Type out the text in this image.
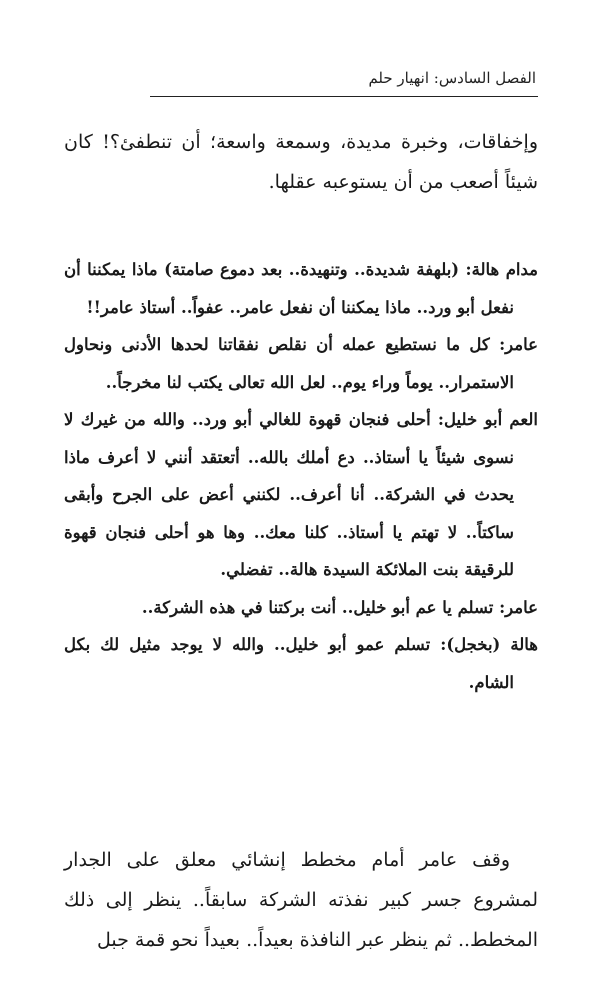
الفصل السادس: انهيار حلم

وإخفاقات، وخبرة مديدة، وسمعة واسعة؛ أن تنطفئ؟! كان شيئاً أصعب من أن يستوعبه عقلها.

مدام هالة: (بلهفة شديدة.. وتنهيدة.. بعد دموع صامتة) ماذا يمكننا أن نفعل أبو ورد.. ماذا يمكننا أن نفعل عامر.. عفواً.. أستاذ عامر!!

عامر: كل ما نستطيع عمله أن نقلص نفقاتنا لحدها الأدنى ونحاول الاستمرار.. يوماً وراء يوم.. لعل الله تعالى يكتب لنا مخرجاً..

العم أبو خليل: أحلى فنجان قهوة للغالي أبو ورد.. والله من غيرك لا نسوى شيئاً يا أستاذ.. دع أملك بالله.. أتعتقد أنني لا أعرف ماذا يحدث في الشركة.. أنا أعرف.. لكنني أعض على الجرح وأبقى ساكتاً.. لا تهتم يا أستاذ.. كلنا معك.. وها هو أحلى فنجان قهوة للرقيقة بنت الملائكة السيدة هالة.. تفضلي.

عامر: تسلم يا عم أبو خليل.. أنت بركتنا في هذه الشركة..

هالة (بخجل): تسلم عمو أبو خليل.. والله لا يوجد مثيل لك بكل الشام.

وقف عامر أمام مخطط إنشائي معلق على الجدار لمشروع جسر كبير نفذته الشركة سابقاً.. ينظر إلى ذلك المخطط.. ثم ينظر عبر النافذة بعيداً.. بعيداً نحو قمة جبل
